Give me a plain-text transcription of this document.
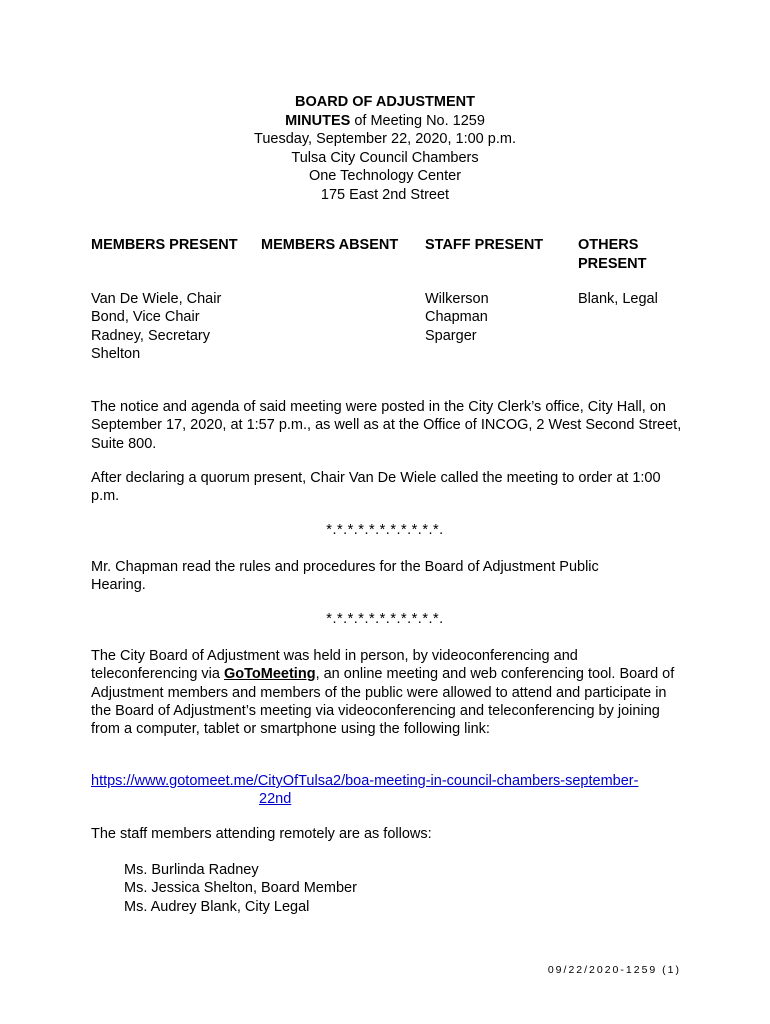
BOARD OF ADJUSTMENT
MINUTES of Meeting No. 1259
Tuesday, September 22, 2020, 1:00 p.m.
Tulsa City Council Chambers
One Technology Center
175 East 2nd Street
MEMBERS PRESENT MEMBERS ABSENT STAFF PRESENT OTHERS
PRESENT
Van De Wiele, Chair
Bond, Vice Chair
Radney, Secretary
Shelton
Wilkerson
Chapman
Sparger
Blank, Legal
The notice and agenda of said meeting were posted in the City Clerk’s office, City Hall, on September 17, 2020, at 1:57 p.m., as well as at the Office of INCOG, 2 West Second Street, Suite 800.
After declaring a quorum present, Chair Van De Wiele called the meeting to order at 1:00 p.m.
*.*.*.*.*.*.*.*.*.*.*.
Mr. Chapman read the rules and procedures for the Board of Adjustment Public Hearing.
*.*.*.*.*.*.*.*.*.*.*.
The City Board of Adjustment was held in person, by videoconferencing and teleconferencing via GoToMeeting, an online meeting and web conferencing tool. Board of Adjustment members and members of the public were allowed to attend and participate in the Board of Adjustment’s meeting via videoconferencing and teleconferencing by joining from a computer, tablet or smartphone using the following link:
https://www.gotomeet.me/CityOfTulsa2/boa-meeting-in-council-chambers-september-
22nd
The staff members attending remotely are as follows:
Ms. Burlinda Radney
Ms. Jessica Shelton, Board Member
Ms. Audrey Blank, City Legal
09/22/2020-1259 (1)
